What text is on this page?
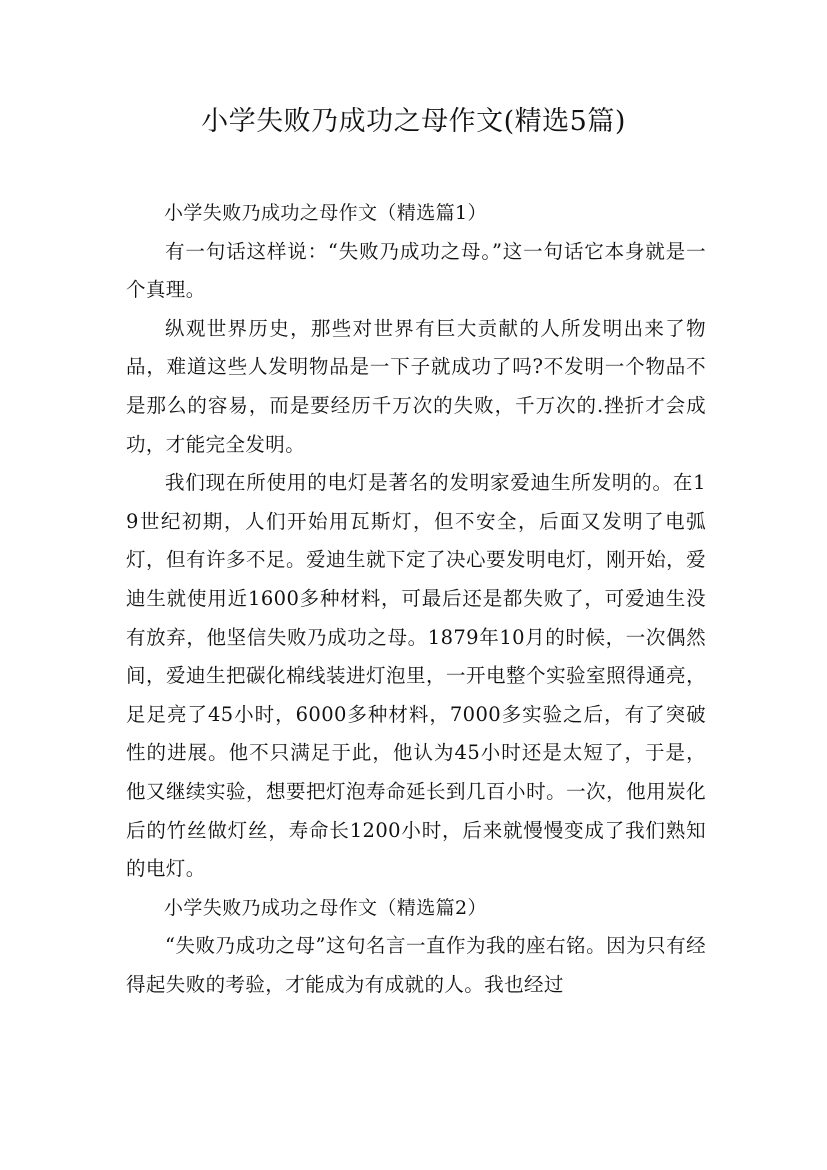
小学失败乃成功之母作文(精选5篇)

小学失败乃成功之母作文（精选篇1）

有一句话这样说：“失败乃成功之母。”这一句话它本身就是一个真理。

纵观世界历史，那些对世界有巨大贡献的人所发明出来了物品，难道这些人发明物品是一下子就成功了吗?不发明一个物品不是那么的容易，而是要经历千万次的失败，千万次的.挫折才会成功，才能完全发明。

我们现在所使用的电灯是著名的发明家爱迪生所发明的。在19世纪初期，人们开始用瓦斯灯，但不安全，后面又发明了电弧灯，但有许多不足。爱迪生就下定了决心要发明电灯，刚开始，爱迪生就使用近1600多种材料，可最后还是都失败了，可爱迪生没有放弃，他坚信失败乃成功之母。1879年10月的时候，一次偶然间，爱迪生把碳化棉线装进灯泡里，一开电整个实验室照得通亮，足足亮了45小时，6000多种材料，7000多实验之后，有了突破性的进展。他不只满足于此，他认为45小时还是太短了，于是，他又继续实验，想要把灯泡寿命延长到几百小时。一次，他用炭化后的竹丝做灯丝，寿命长1200小时，后来就慢慢变成了我们熟知的电灯。

小学失败乃成功之母作文（精选篇2）

“失败乃成功之母”这句名言一直作为我的座右铭。因为只有经得起失败的考验，才能成为有成就的人。我也经过
